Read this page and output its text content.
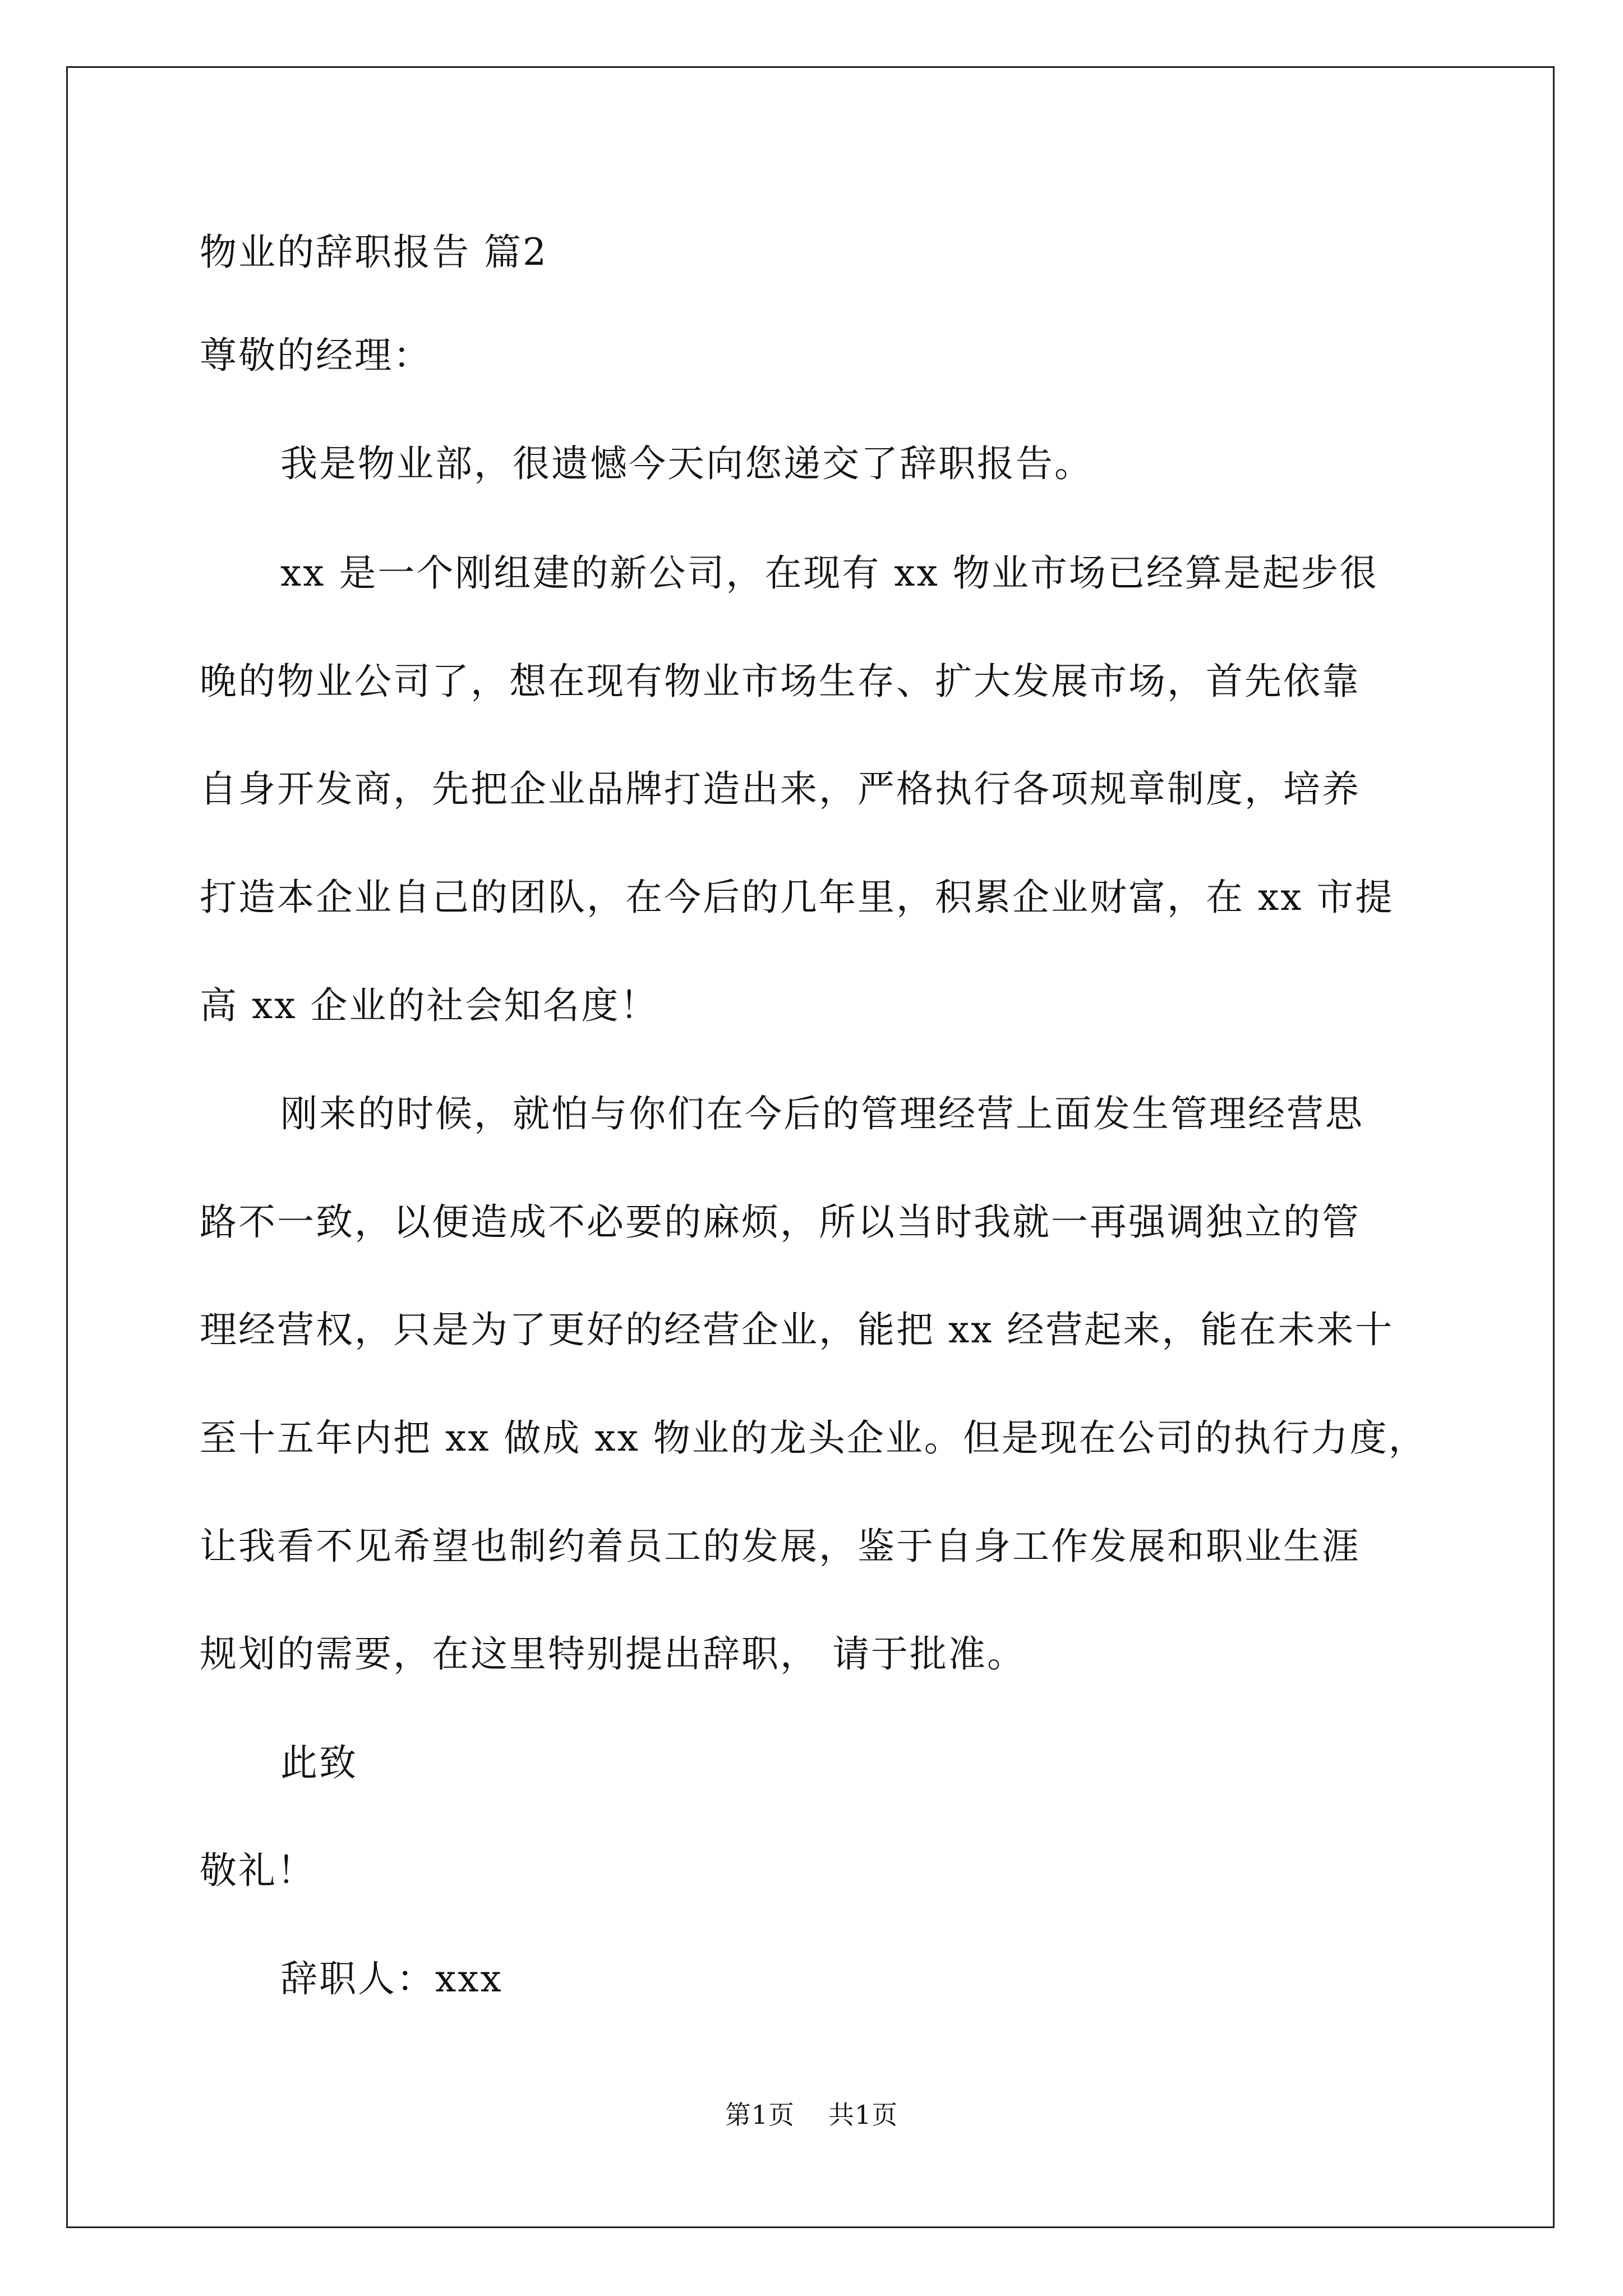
物业的辞职报告 篇2
尊敬的经理：
我是物业部，很遗憾今天向您递交了辞职报告。
xx 是一个刚组建的新公司，在现有 xx 物业市场已经算是起步很
晚的物业公司了，想在现有物业市场生存、扩大发展市场，首先依靠
自身开发商，先把企业品牌打造出来，严格执行各项规章制度，培养
打造本企业自己的团队，在今后的几年里，积累企业财富，在 xx 市提
高 xx 企业的社会知名度！
刚来的时候，就怕与你们在今后的管理经营上面发生管理经营思
路不一致，以便造成不必要的麻烦，所以当时我就一再强调独立的管
理经营权，只是为了更好的经营企业，能把 xx 经营起来，能在未来十
至十五年内把 xx 做成 xx 物业的龙头企业。但是现在公司的执行力度，
让我看不见希望也制约着员工的发展，鉴于自身工作发展和职业生涯
规划的需要，在这里特别提出辞职， 请于批准。
此致
敬礼！
辞职人：xxx
第1页 共1页
